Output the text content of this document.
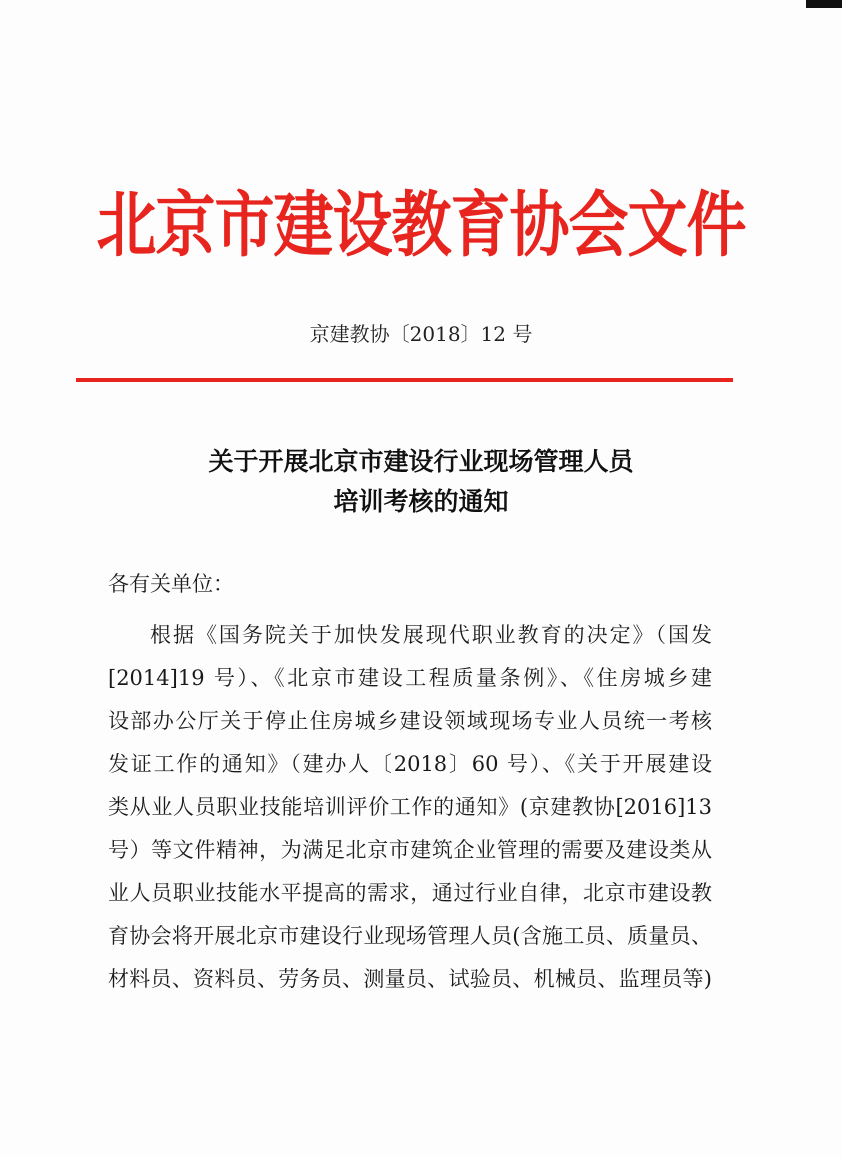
北京市建设教育协会文件
京建教协〔2018〕12 号
关于开展北京市建设行业现场管理人员
培训考核的通知
各有关单位：
根据《国务院关于加快发展现代职业教育的决定》（国发
[2014]19 号）、《北京市建设工程质量条例》、《住房城乡建
设部办公厅关于停止住房城乡建设领域现场专业人员统一考核
发证工作的通知》（建办人〔2018〕60 号）、《关于开展建设
类从业人员职业技能培训评价工作的通知》(京建教协[2016]13
号）等文件精神，为满足北京市建筑企业管理的需要及建设类从
业人员职业技能水平提高的需求，通过行业自律，北京市建设教
育协会将开展北京市建设行业现场管理人员(含施工员、质量员、
材料员、资料员、劳务员、测量员、试验员、机械员、监理员等)
